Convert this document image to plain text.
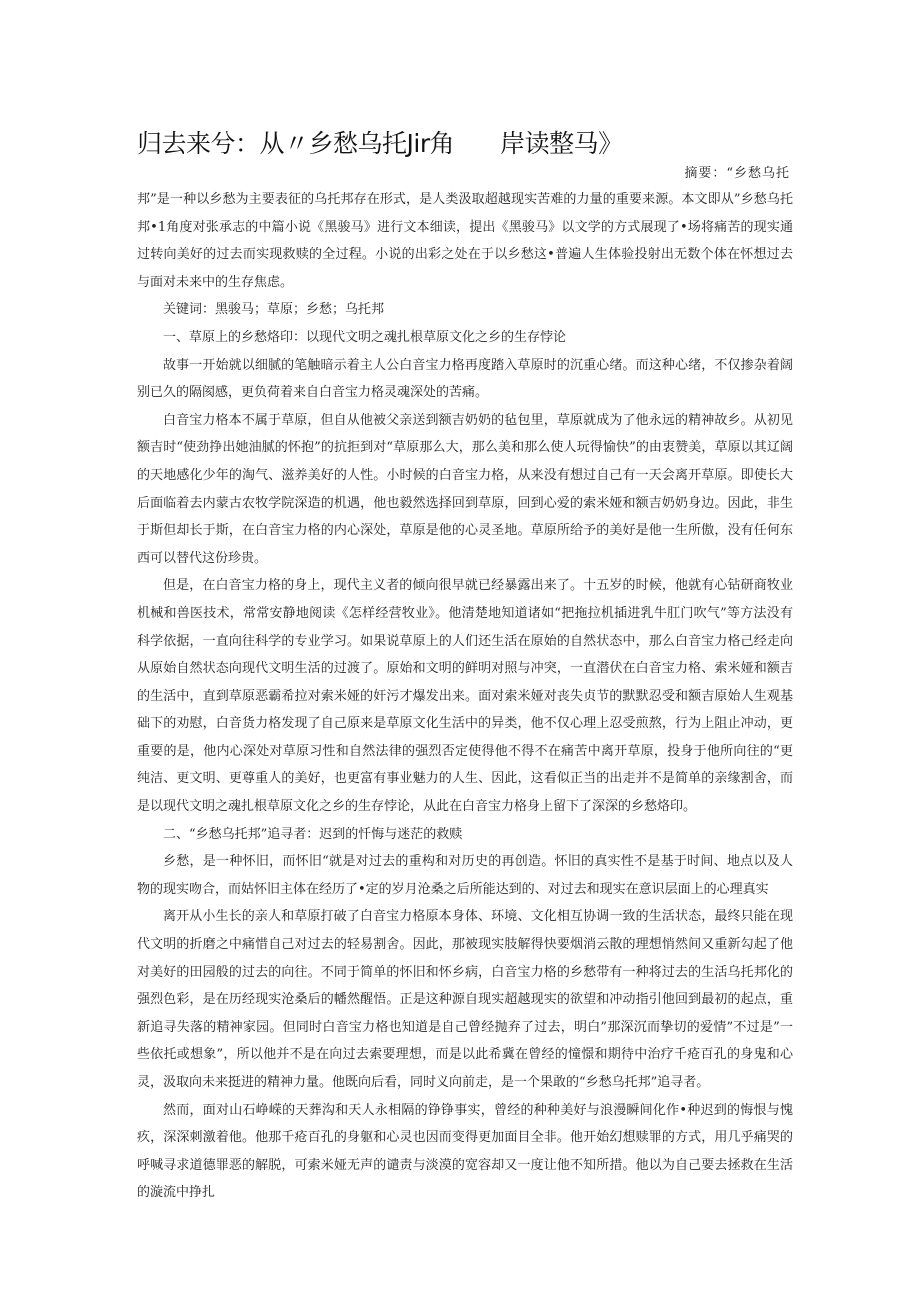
归去来兮：从〃乡愁乌托Jir角 岸读整马》
摘要：“乡愁乌托

邦”是一种以乡愁为主要表征的乌托邦存在形式，是人类汲取超越现实苦难的力量的重要来源。本文即从”乡愁乌托邦•1角度对张承志的中篇小说《黑骏马》进行文本细读，提出《黑骏马》以文学的方式展现了•场将痛苦的现实通过转向美好的过去而实现救赎的全过程。小说的出彩之处在于以乡愁这•普遍人生体验投射出无数个体在怀想过去与面对未来中的生存焦虑。

关键词：黑骏马；草原；乡愁；乌托邦

一、草原上的乡愁烙印：以现代文明之魂扎根草原文化之乡的生存悖论

故事一开始就以细腻的笔触暗示着主人公白音宝力格再度踏入草原时的沉重心绪。而这种心绪，不仅掺杂着阔别已久的隔阂感，更负荷着来自白音宝力格灵魂深处的苦痛。

白音宝力格本不属于草原，但自从他被父亲送到额吉奶奶的毡包里，草原就成为了他永远的精神故乡。从初见额吉时“使劲挣出她油腻的怀抱”的抗拒到对“草原那么大，那么美和那么使人玩得愉快”的由衷赞美，草原以其辽阔的天地感化少年的淘气、滋养美好的人性。小时候的白音宝力格，从来没有想过自己有一天会离开草原。即使长大后面临着去内蒙古农牧学院深造的机遇，他也毅然选择回到草原，回到心爱的索米娅和额吉奶奶身边。因此，非生于斯但却长于斯，在白音宝力格的内心深处，草原是他的心灵圣地。草原所给予的美好是他一生所傲，没有任何东西可以替代这份珍贵。

但是，在白音宝力格的身上，现代主义者的倾向很早就已经暴露出来了。十五岁的时候，他就有心钻研商牧业机械和兽医技术，常常安静地阅读《怎样经营牧业》。他清楚地知道诸如“把拖拉机插进乳牛肛门吹气”等方法没有科学依据，一直向往科学的专业学习。如果说草原上的人们还生活在原始的自然状态中，那么白音宝力格己经走向从原始自然状态向现代文明生活的过渡了。原始和文明的鲜明对照与冲突，一直潜伏在白音宝力格、索米娅和额吉的生活中，直到草原恶霸希拉对索米娅的奸污才爆发出来。面对索米娅对丧失贞节的默默忍受和额吉原始人生观基础下的劝慰，白音货力格发现了自己原来是草原文化生活中的异类，他不仅心理上忍受煎熬，行为上阻止冲动，更重要的是，他内心深处对草原习性和自然法律的强烈否定使得他不得不在痛苦中离开草原，投身于他所向往的“更纯洁、更文明、更尊重人的美好，也更富有事业魅力的人生、因此，这看似正当的出走并不是简单的亲缘割舍，而是以现代文明之魂扎根草原文化之乡的生存悖论，从此在白音宝力格身上留下了深深的乡愁烙印。

二、“乡愁乌托邦”追寻者：迟到的忏悔与迷茫的救赎

乡愁，是一种怀旧，而怀旧“就是对过去的重构和对历史的再创造。怀旧的真实性不是基于时间、地点以及人物的现实吻合，而姑怀旧主体在经历了•定的岁月沧桑之后所能达到的、对过去和现实在意识层面上的心理真实

离开从小生长的亲人和草原打破了白音宝力格原本身体、环境、文化相互协调一致的生活状态，最终只能在现代文明的折磨之中痛惜自己对过去的轻易割舍。因此，那被现实肢解得快要烟消云散的理想悄然间又重新勾起了他对美好的田园般的过去的向往。不同于简单的怀旧和怀乡病，白音宝力格的乡愁带有一种将过去的生活乌托邦化的强烈色彩，是在历经现实沧桑后的幡然醒悟。正是这种源自现实超越现实的欲望和冲动指引他回到最初的起点，重新追寻失落的精神家园。但同时白音宝力格也知道是自己曾经抛弃了过去，明白”那深沉而挚切的爱情”不过是”一些依托或想象”，所以他并不是在向过去索要理想，而是以此希冀在曾经的憧憬和期待中治疗千疮百孔的身鬼和心灵，汲取向未来挺进的精神力量。他既向后看，同时义向前走，是一个果敢的“乡愁乌托邦”追寻者。

然而，面对山石峥嵘的天葬沟和天人永相隔的铮铮事实，曾经的种种美好与浪漫瞬间化作•种迟到的悔恨与愧疚，深深刺激着他。他那千疮百孔的身躯和心灵也因而变得更加面目全非。他开始幻想赎罪的方式，用几乎痛哭的呼喊寻求道德罪恶的解脱，可索米娅无声的谴责与淡漠的宽容却又一度让他不知所措。他以为自己要去拯救在生活的漩流中挣扎
